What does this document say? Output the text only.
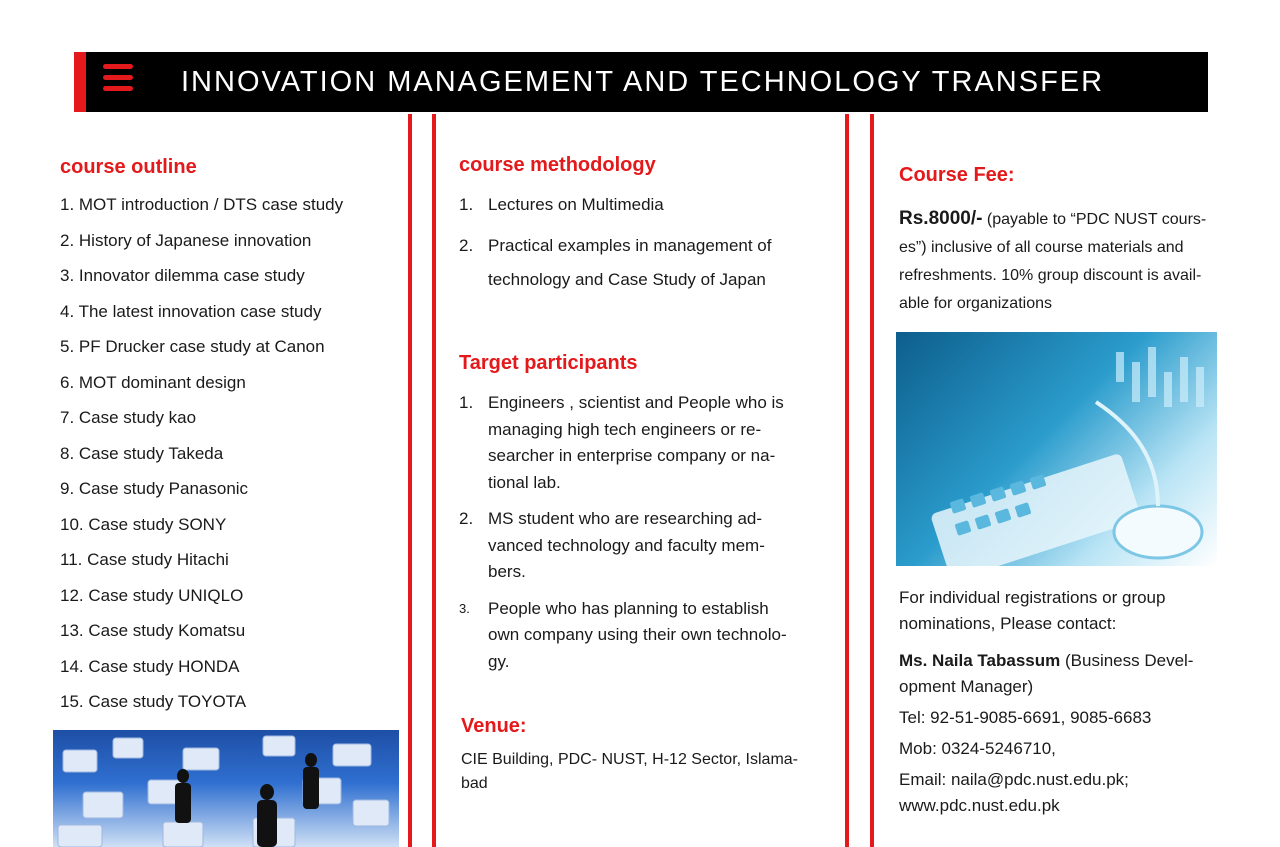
INNOVATION MANAGEMENT AND TECHNOLOGY TRANSFER
course outline
1. MOT introduction / DTS case study
2. History of Japanese innovation
3. Innovator dilemma case study
4. The latest innovation case study
5. PF Drucker case study at Canon
6. MOT dominant design
7. Case study kao
8. Case study Takeda
9. Case study Panasonic
10. Case study SONY
11. Case study Hitachi
12. Case study UNIQLO
13. Case study Komatsu
14. Case study HONDA
15. Case study TOYOTA
course methodology
1. Lectures on Multimedia
2. Practical examples in management of technology and Case Study of Japan
Target participants
1. Engineers , scientist and People who is managing high tech engineers or re-searcher in enterprise company or na-tional lab.
2. MS student who are researching ad-vanced technology and faculty mem-bers.
3. People who has planning to establish own company using their own technolo-gy.
Venue:
CIE Building, PDC- NUST, H-12 Sector, Islama-bad
Course Fee:
Rs.8000/- (payable to “PDC NUST cours-es”) inclusive of all course materials and refreshments. 10% group discount is avail-able for organizations
For individual registrations or group nominations, Please contact:
Ms. Naila Tabassum (Business Devel-opment Manager)
Tel: 92-51-9085-6691, 9085-6683
Mob: 0324-5246710,
Email: naila@pdc.nust.edu.pk;
www.pdc.nust.edu.pk
